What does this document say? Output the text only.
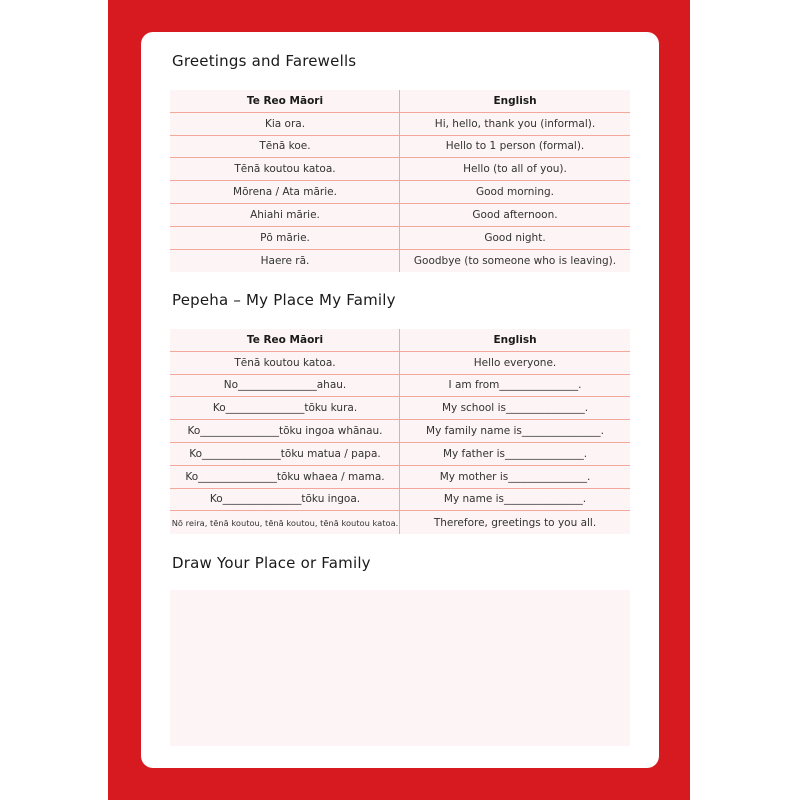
Greetings and Farewells
Te Reo Māori	English
Kia ora.	Hi, hello, thank you (informal).
Tēnā koe.	Hello to 1 person (formal).
Tēnā koutou katoa.	Hello (to all of you).
Mōrena / Ata mārie.	Good morning.
Ahiahi mārie.	Good afternoon.
Pō mārie.	Good night.
Haere rā.	Goodbye (to someone who is leaving).
Pepeha – My Place My Family
Te Reo Māori	English
Tēnā koutou katoa.	Hello everyone.
No_______________ahau.	I am from_______________.
Ko_______________tōku kura.	My school is_______________.
Ko_______________tōku ingoa whānau.	My family name is_______________.
Ko_______________tōku matua / papa.	My father is_______________.
Ko_______________tōku whaea / mama.	My mother is_______________.
Ko_______________tōku ingoa.	My name is_______________.
Nō reira, tēnā koutou, tēnā koutou, tēnā koutou katoa.	Therefore, greetings to you all.
Draw Your Place or Family
